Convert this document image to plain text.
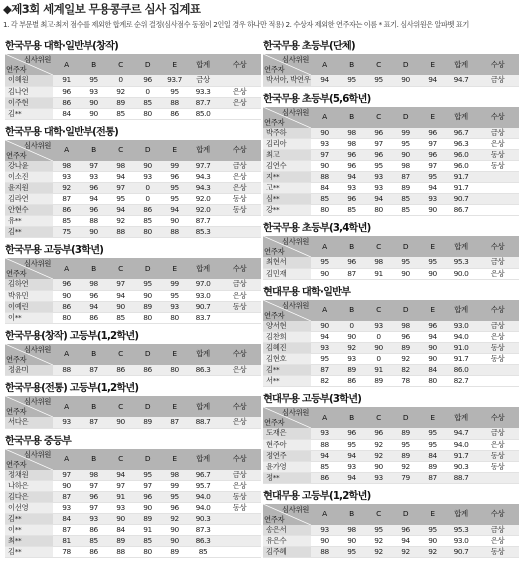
◆제3회 세계일보 무용콩쿠르 심사 집계표
1. 각 부문별 최고·최저 점수를 제외한 합계로 순위 결정(심사점수 동점이 2인일 경우 하나만 적용) 2. 수상자 제외한 연주자는 이름 * 표기. 심사위원은 알파벳 표기
한국무용 대학·일반부(창작)
심사위원
연주자	A	B	C	D	E	합계	수상
이혜원	91	95	0	96	93.7	금상	
김나연	96	93	92	0	95	93.3	은상
이주현	86	90	89	85	88	87.7	은상
김**	84	90	85	80	86	85.0	
한국무용 대학·일반부(전통)
심사위원
연주자	A	B	C	D	E	합계	수상
강나윤	98	97	98	90	99	97.7	금상
이소진	93	93	94	93	96	94.3	은상
윤지원	92	96	97	0	95	94.3	은상
김라연	87	94	95	0	95	92.0	동상
안현수	86	96	94	86	94	92.0	동상
유**	85	88	92	85	90	87.7	
김**	75	90	88	80	88	85.3	
한국무용 고등부(3학년)
심사위원
연주자	A	B	C	D	E	합계	수상
김하연	96	98	97	95	99	97.0	금상
박유민	90	96	94	90	95	93.0	은상
이예린	86	94	90	89	93	90.7	동상
이**	80	86	85	80	80	83.7	
한국무용(창작) 고등부(1,2학년)
심사위원
연주자	A	B	C	D	E	합계	수상
정윤미	88	87	86	86	80	86.3	은상
한국무용(전통) 고등부(1,2학년)
심사위원
연주자	A	B	C	D	E	합계	수상
서다은	93	87	90	89	87	88.7	은상
한국무용 중등부
심사위원
연주자	A	B	C	D	E	합계	수상
정채원	97	98	94	95	98	96.7	금상
나하은	90	97	97	97	99	95.7	은상
김다은	87	96	91	96	95	94.0	동상
이선영	93	97	93	90	96	94.0	동상
김**	84	93	90	89	92	90.3	
이**	87	86	84	91	90	87.3	
최**	81	85	89	85	90	86.3	
김**	78	86	88	80	89	85	
한국무용 초등부(단체)
심사위원
연주자	A	B	C	D	E	합계	수상
박서아, 박연우	94	95	95	90	94	94.7	금상
한국무용 초등부(5,6학년)
심사위원
연주자	A	B	C	D	E	합계	수상
박주하	90	98	96	99	96	96.7	금상
김리아	93	98	97	95	97	96.3	은상
최고	97	96	96	90	96	96.0	동상
김연수	90	96	95	98	97	96.0	동상
지**	88	94	93	87	95	91.7	
고**	84	93	93	89	94	91.7	
심**	85	96	94	85	93	90.7	
강**	80	85	80	85	90	86.7	
한국무용 초등부(3,4학년)
심사위원
연주자	A	B	C	D	E	합계	수상
최현서	95	96	98	95	95	95.3	금상
김민재	90	87	91	90	90	90.0	은상
현대무용 대학·일반부
심사위원
연주자	A	B	C	D	E	합계	수상
양서현	90	0	93	98	96	93.0	금상
김찬희	94	90	0	96	94	94.0	은상
김혜진	93	92	90	89	90	91.0	동상
김현호	95	93	0	92	90	91.7	동상
김**	87	89	91	82	84	86.0	
서**	82	86	89	78	80	82.7	
현대무용 고등부(3학년)
심사위원
연주자	A	B	C	D	E	합계	수상
도재은	93	96	96	89	95	94.7	금상
현주아	88	95	92	95	95	94.0	은상
정연주	94	94	92	89	84	91.7	동상
윤가영	85	93	90	92	89	90.3	동상
정**	86	94	93	79	87	88.7	
현대무용 고등부(1,2학년)
심사위원
연주자	A	B	C	D	E	합계	수상
송은서	93	98	95	96	95	95.3	금상
유은수	90	90	92	94	90	93.0	은상
김주혜	88	95	92	92	92	90.7	동상
